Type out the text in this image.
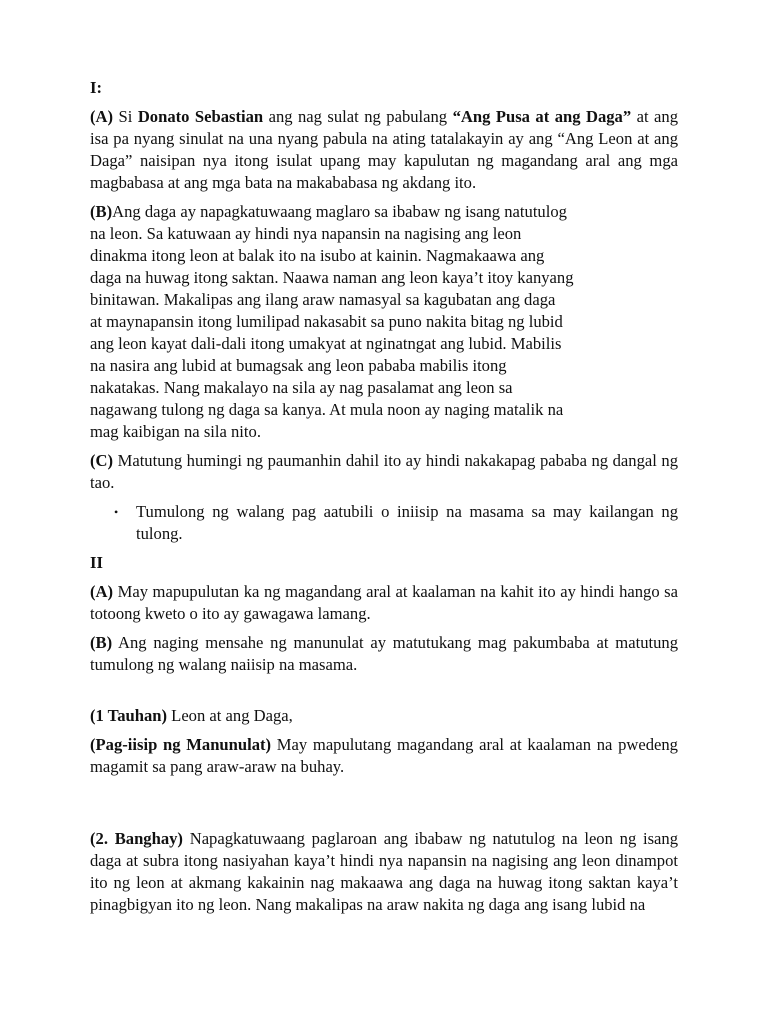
I:

(A) Si Donato Sebastian ang nag sulat ng pabulang “Ang Pusa at ang Daga” at ang isa pa nyang sinulat na una nyang pabula na ating tatalakayin ay ang “Ang Leon at ang Daga” naisipan nya itong isulat upang may kapulutan ng magandang aral ang mga magbabasa at ang mga bata na makababasa ng akdang ito.

(B)Ang daga ay napagkatuwaang maglaro sa ibabaw ng isang natutulog
na leon. Sa katuwaan ay hindi nya napansin na nagising ang leon
dinakma itong leon at balak ito na isubo at kainin. Nagmakaawa ang
daga na huwag itong saktan. Naawa naman ang leon kaya’t itoy kanyang
binitawan. Makalipas ang ilang araw namasyal sa kagubatan ang daga
at maynapansin itong lumilipad nakasabit sa puno nakita bitag ng lubid
ang leon kayat dali-dali itong umakyat at nginatngat ang lubid. Mabilis
na nasira ang lubid at bumagsak ang leon pababa mabilis itong
nakatakas. Nang makalayo na sila ay nag pasalamat ang leon sa
nagawang tulong ng daga sa kanya. At mula noon ay naging matalik na
mag kaibigan na sila nito.

(C) Matutung humingi ng paumanhin dahil ito ay hindi nakakapag pababa ng dangal ng tao.

• Tumulong ng walang pag aatubili o iniisip na masama sa may kailangan ng tulong.

II

(A) May mapupulutan ka ng magandang aral at kaalaman na kahit ito ay hindi hango sa totoong kweto o ito ay gawagawa lamang.

(B) Ang naging mensahe ng manunulat ay matutukang mag pakumbaba at matutung tumulong ng walang naiisip na masama.

(1 Tauhan) Leon at ang Daga,

(Pag-iisip ng Manunulat) May mapulutang magandang aral at kaalaman na pwedeng magamit sa pang araw-araw na buhay.

(2. Banghay) Napagkatuwaang paglaroan ang ibabaw ng natutulog na leon ng isang daga at subra itong nasiyahan kaya’t hindi nya napansin na nagising ang leon dinampot ito ng leon at akmang kakainin nag makaawa ang daga na huwag itong saktan kaya’t pinagbigyan ito ng leon. Nang makalipas na araw nakita ng daga ang isang lubid na
